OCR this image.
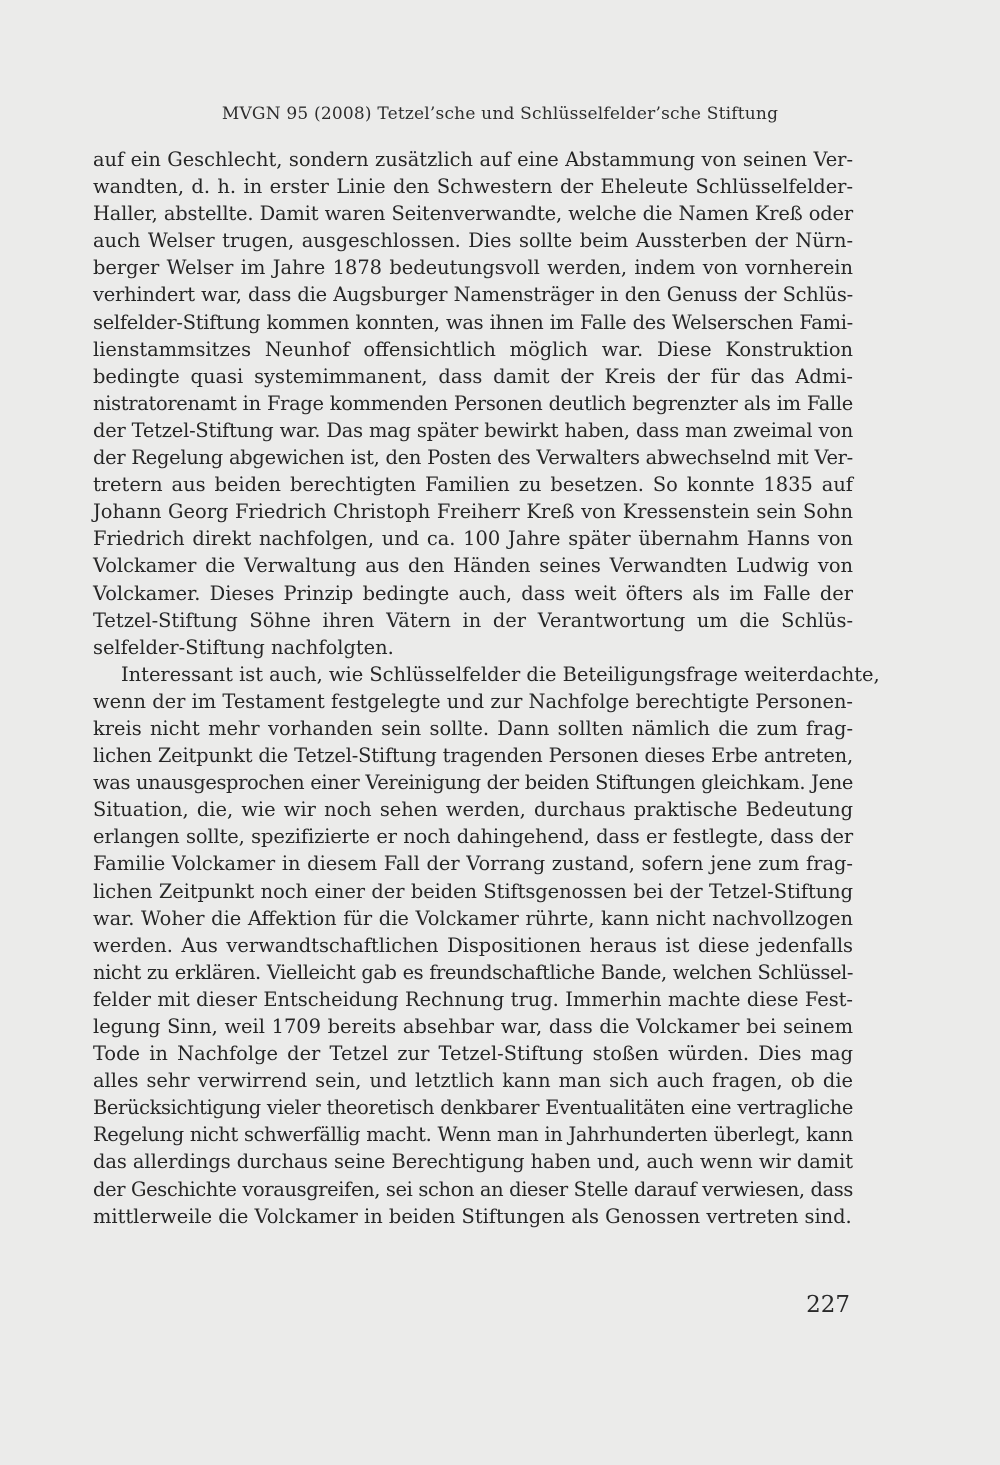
MVGN 95 (2008) Tetzel’sche und Schlüsselfelder’sche Stiftung
auf ein Geschlecht, sondern zusätzlich auf eine Abstammung von seinen Ver-
wandten, d. h. in erster Linie den Schwestern der Eheleute Schlüsselfelder-
Haller, abstellte. Damit waren Seitenverwandte, welche die Namen Kreß oder
auch Welser trugen, ausgeschlossen. Dies sollte beim Aussterben der Nürn-
berger Welser im Jahre 1878 bedeutungsvoll werden, indem von vornherein
verhindert war, dass die Augsburger Namensträger in den Genuss der Schlüs-
selfelder-Stiftung kommen konnten, was ihnen im Falle des Welserschen Fami-
lienstammsitzes Neunhof offensichtlich möglich war. Diese Konstruktion
bedingte quasi systemimmanent, dass damit der Kreis der für das Admi-
nistratorenamt in Frage kommenden Personen deutlich begrenzter als im Falle
der Tetzel-Stiftung war. Das mag später bewirkt haben, dass man zweimal von
der Regelung abgewichen ist, den Posten des Verwalters abwechselnd mit Ver-
tretern aus beiden berechtigten Familien zu besetzen. So konnte 1835 auf
Johann Georg Friedrich Christoph Freiherr Kreß von Kressenstein sein Sohn
Friedrich direkt nachfolgen, und ca. 100 Jahre später übernahm Hanns von
Volckamer die Verwaltung aus den Händen seines Verwandten Ludwig von
Volckamer. Dieses Prinzip bedingte auch, dass weit öfters als im Falle der
Tetzel-Stiftung Söhne ihren Vätern in der Verantwortung um die Schlüs-
selfelder-Stiftung nachfolgten.
Interessant ist auch, wie Schlüsselfelder die Beteiligungsfrage weiterdachte,
wenn der im Testament festgelegte und zur Nachfolge berechtigte Personen-
kreis nicht mehr vorhanden sein sollte. Dann sollten nämlich die zum frag-
lichen Zeitpunkt die Tetzel-Stiftung tragenden Personen dieses Erbe antreten,
was unausgesprochen einer Vereinigung der beiden Stiftungen gleichkam. Jene
Situation, die, wie wir noch sehen werden, durchaus praktische Bedeutung
erlangen sollte, spezifizierte er noch dahingehend, dass er festlegte, dass der
Familie Volckamer in diesem Fall der Vorrang zustand, sofern jene zum frag-
lichen Zeitpunkt noch einer der beiden Stiftsgenossen bei der Tetzel-Stiftung
war. Woher die Affektion für die Volckamer rührte, kann nicht nachvollzogen
werden. Aus verwandtschaftlichen Dispositionen heraus ist diese jedenfalls
nicht zu erklären. Vielleicht gab es freundschaftliche Bande, welchen Schlüssel-
felder mit dieser Entscheidung Rechnung trug. Immerhin machte diese Fest-
legung Sinn, weil 1709 bereits absehbar war, dass die Volckamer bei seinem
Tode in Nachfolge der Tetzel zur Tetzel-Stiftung stoßen würden. Dies mag
alles sehr verwirrend sein, und letztlich kann man sich auch fragen, ob die
Berücksichtigung vieler theoretisch denkbarer Eventualitäten eine vertragliche
Regelung nicht schwerfällig macht. Wenn man in Jahrhunderten überlegt, kann
das allerdings durchaus seine Berechtigung haben und, auch wenn wir damit
der Geschichte vorausgreifen, sei schon an dieser Stelle darauf verwiesen, dass
mittlerweile die Volckamer in beiden Stiftungen als Genossen vertreten sind.
227
